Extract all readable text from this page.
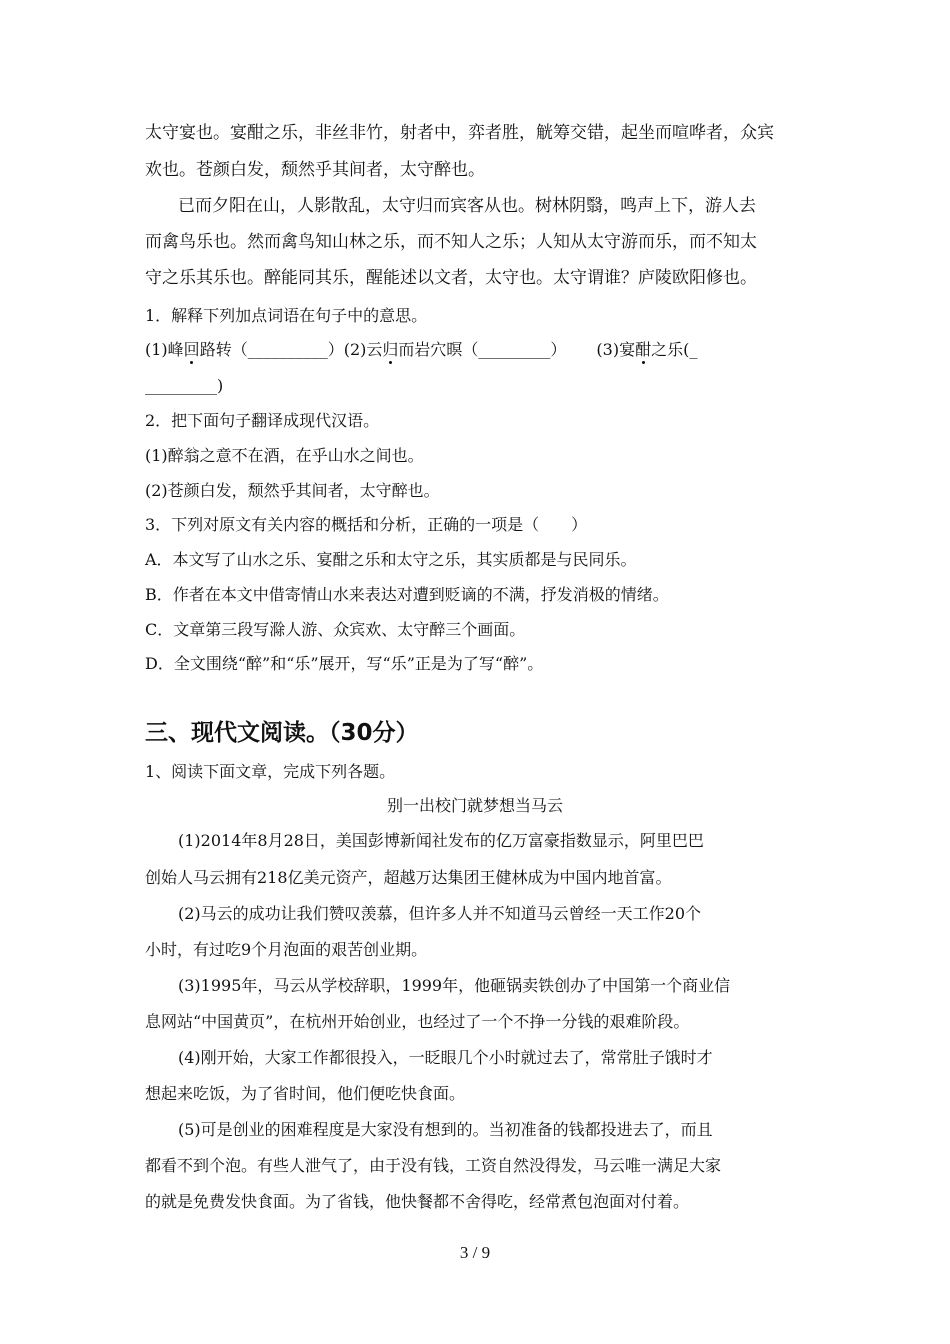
太守宴也。宴酣之乐，非丝非竹，射者中，弈者胜，觥筹交错，起坐而喧哗者，众宾
欢也。苍颜白发，颓然乎其间者，太守醉也。
已而夕阳在山，人影散乱，太守归而宾客从也。树林阴翳，鸣声上下，游人去
而禽鸟乐也。然而禽鸟知山林之乐，而不知人之乐；人知从太守游而乐，而不知太
守之乐其乐也。醉能同其乐，醒能述以文者，太守也。太守谓谁？庐陵欧阳修也。
1．解释下列加点词语在句子中的意思。
(1)峰回路转（__________）(2)云归而岩穴暝（_________） (3)宴酣之乐(_
_________)
2．把下面句子翻译成现代汉语。
(1)醉翁之意不在酒，在乎山水之间也。
(2)苍颜白发，颓然乎其间者，太守醉也。
3．下列对原文有关内容的概括和分析，正确的一项是（　　）
A．本文写了山水之乐、宴酣之乐和太守之乐，其实质都是与民同乐。
B．作者在本文中借寄情山水来表达对遭到贬谪的不满，抒发消极的情绪。
C．文章第三段写滁人游、众宾欢、太守醉三个画面。
D．全文围绕“醉”和“乐”展开，写“乐”正是为了写“醉”。
三、现代文阅读。（30分）
1、阅读下面文章，完成下列各题。
别一出校门就梦想当马云
(1)2014年8月28日，美国彭博新闻社发布的亿万富豪指数显示，阿里巴巴
创始人马云拥有218亿美元资产，超越万达集团王健林成为中国内地首富。
(2)马云的成功让我们赞叹羡慕，但许多人并不知道马云曾经一天工作20个
小时，有过吃9个月泡面的艰苦创业期。
(3)1995年，马云从学校辞职，1999年，他砸锅卖铁创办了中国第一个商业信
息网站“中国黄页”，在杭州开始创业，也经过了一个不挣一分钱的艰难阶段。
(4)刚开始，大家工作都很投入，一眨眼几个小时就过去了，常常肚子饿时才
想起来吃饭，为了省时间，他们便吃快食面。
(5)可是创业的困难程度是大家没有想到的。当初准备的钱都投进去了，而且
都看不到个泡。有些人泄气了，由于没有钱，工资自然没得发，马云唯一满足大家
的就是免费发快食面。为了省钱，他快餐都不舍得吃，经常煮包泡面对付着。
3 / 9
